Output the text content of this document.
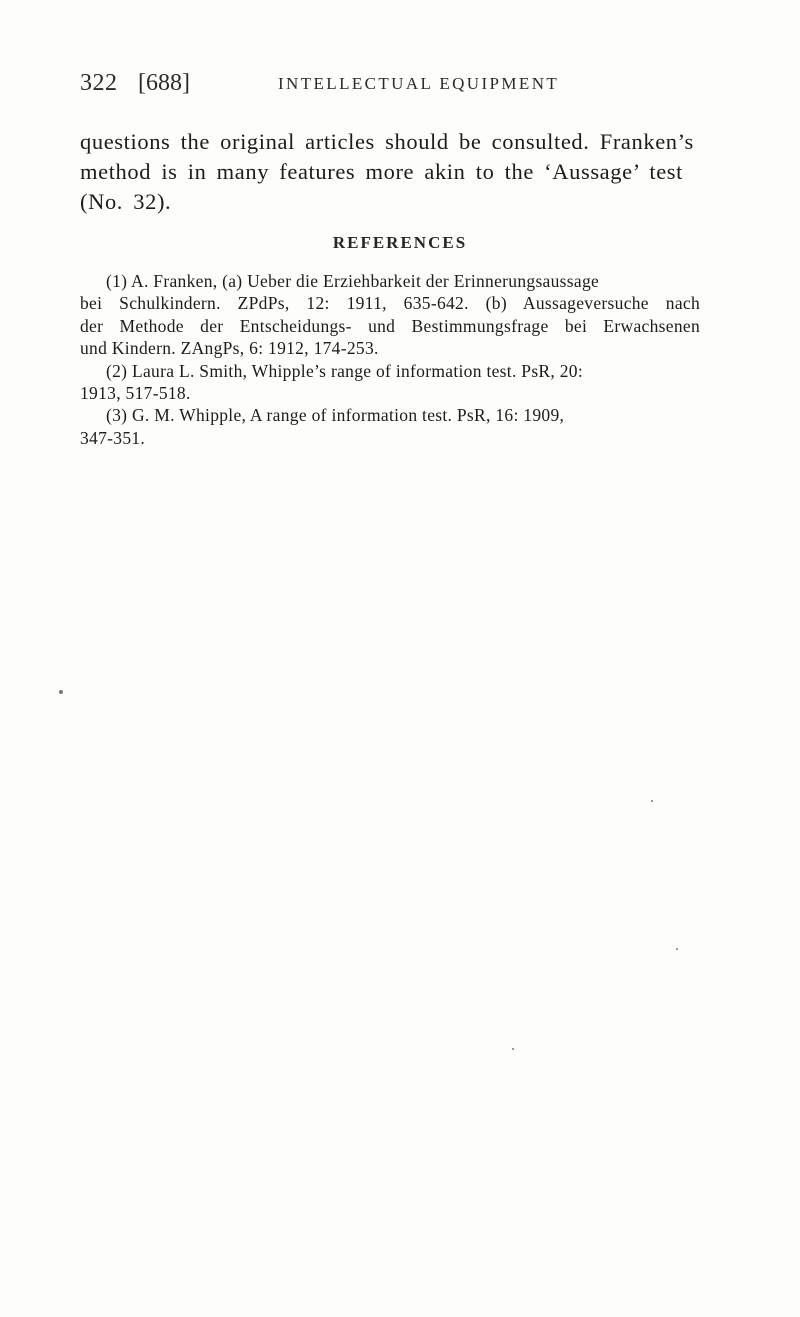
322 [688]	INTELLECTUAL EQUIPMENT

questions the original articles should be consulted. Franken’s
method is in many features more akin to the ‘Aussage’ test
(No. 32).

REFERENCES
(1) A. Franken, (a) Ueber die Erziehbarkeit der Erinnerungsaussage
bei Schulkindern. ZPdPs, 12: 1911, 635-642. (b) Aussageversuche nach
der Methode der Entscheidungs- und Bestimmungsfrage bei Erwachsenen
und Kindern. ZAngPs, 6: 1912, 174-253.
(2) Laura L. Smith, Whipple’s range of information test. PsR, 20:
1913, 517-518.
(3) G. M. Whipple, A range of information test. PsR, 16: 1909,
347-351.
